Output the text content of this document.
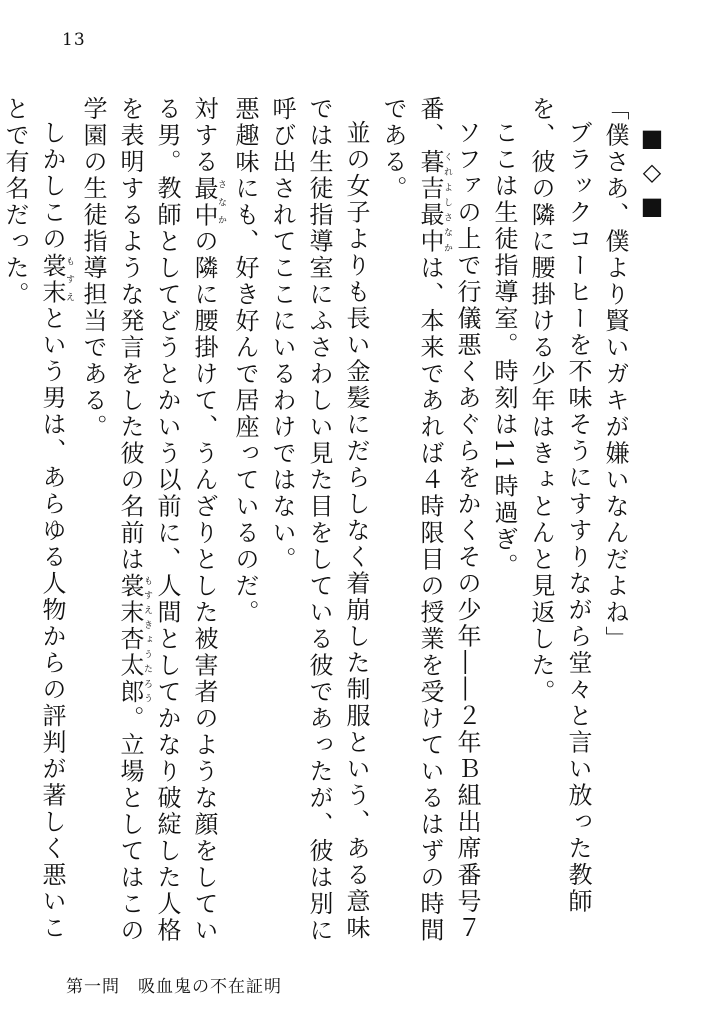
13
■◇■

「僕さあ、僕より賢いガキが嫌いなんだよね」

ブラックコーヒーを不味そうにすすりながら堂々と言い放った教師を、彼の隣に腰掛ける少年はきょとんと見返した。

ここは生徒指導室。時刻は11時過ぎ。

ソファの上で行儀悪くあぐらをかくその少年――２年Ｂ組出席番号７番、暮吉最中くれよしさなかは、本来であれば４時限目の授業を受けているはずの時間である。

並の女子よりも長い金髪にだらしなく着崩した制服という、ある意味では生徒指導室にふさわしい見た目をしている彼であったが、彼は別に呼び出されてここにいるわけではない。

悪趣味にも、好き好んで居座っているのだ。

対する最中さなかの隣に腰掛けて、うんざりとした被害者のような顔をしている男。教師としてどうとかいう以前に、人間としてかなり破綻した人格を表明するような発言をした彼の名前は裳末杏太郎もすえきょうたろう。立場としてはこの学園の生徒指導担当である。

しかしこの裳末もすえという男は、あらゆる人物からの評判が著しく悪いことで有名だった。

第一問 吸血鬼の不在証明
